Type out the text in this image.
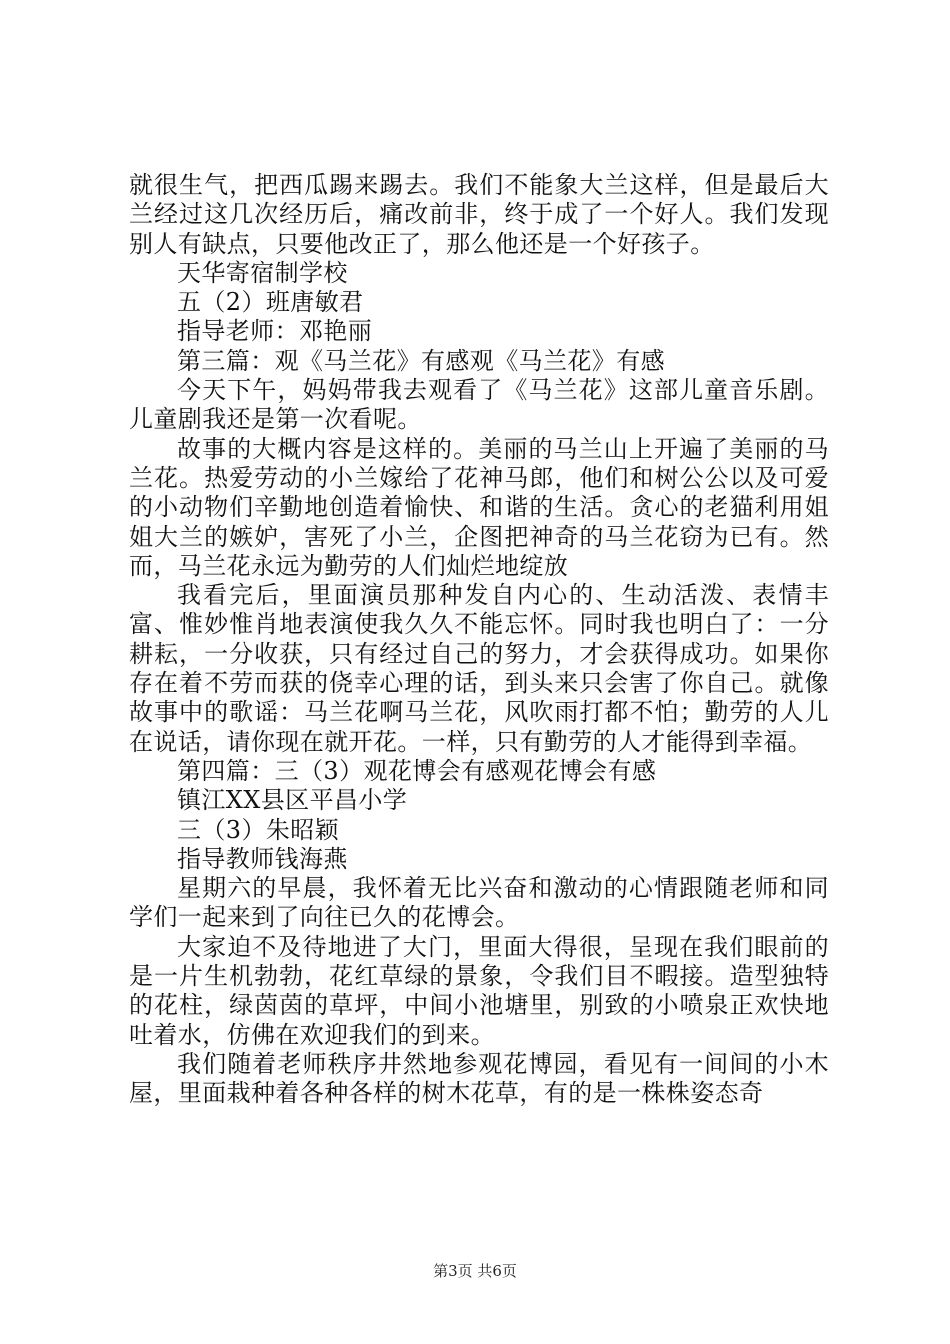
就很生气，把西瓜踢来踢去。我们不能象大兰这样，但是最后大兰经过这几次经历后，痛改前非，终于成了一个好人。我们发现别人有缺点，只要他改正了，那么他还是一个好孩子。

天华寄宿制学校

五（2）班唐敏君

指导老师：邓艳丽

第三篇：观《马兰花》有感观《马兰花》有感

今天下午，妈妈带我去观看了《马兰花》这部儿童音乐剧。儿童剧我还是第一次看呢。

故事的大概内容是这样的。美丽的马兰山上开遍了美丽的马兰花。热爱劳动的小兰嫁给了花神马郎，他们和树公公以及可爱的小动物们辛勤地创造着愉快、和谐的生活。贪心的老猫利用姐姐大兰的嫉妒，害死了小兰，企图把神奇的马兰花窃为已有。然而，马兰花永远为勤劳的人们灿烂地绽放

我看完后，里面演员那种发自内心的、生动活泼、表情丰富、惟妙惟肖地表演使我久久不能忘怀。同时我也明白了：一分耕耘，一分收获，只有经过自己的努力，才会获得成功。如果你存在着不劳而获的侥幸心理的话，到头来只会害了你自己。就像故事中的歌谣：马兰花啊马兰花，风吹雨打都不怕；勤劳的人儿在说话，请你现在就开花。一样，只有勤劳的人才能得到幸福。

第四篇：三（3）观花博会有感观花博会有感

镇江XX县区平昌小学

三（3）朱昭颖

指导教师钱海燕

星期六的早晨，我怀着无比兴奋和激动的心情跟随老师和同学们一起来到了向往已久的花博会。

大家迫不及待地进了大门，里面大得很，呈现在我们眼前的是一片生机勃勃，花红草绿的景象，令我们目不暇接。造型独特的花柱，绿茵茵的草坪，中间小池塘里，别致的小喷泉正欢快地吐着水，仿佛在欢迎我们的到来。

我们随着老师秩序井然地参观花博园，看见有一间间的小木屋，里面栽种着各种各样的树木花草，有的是一株株姿态奇

第3页 共6页
